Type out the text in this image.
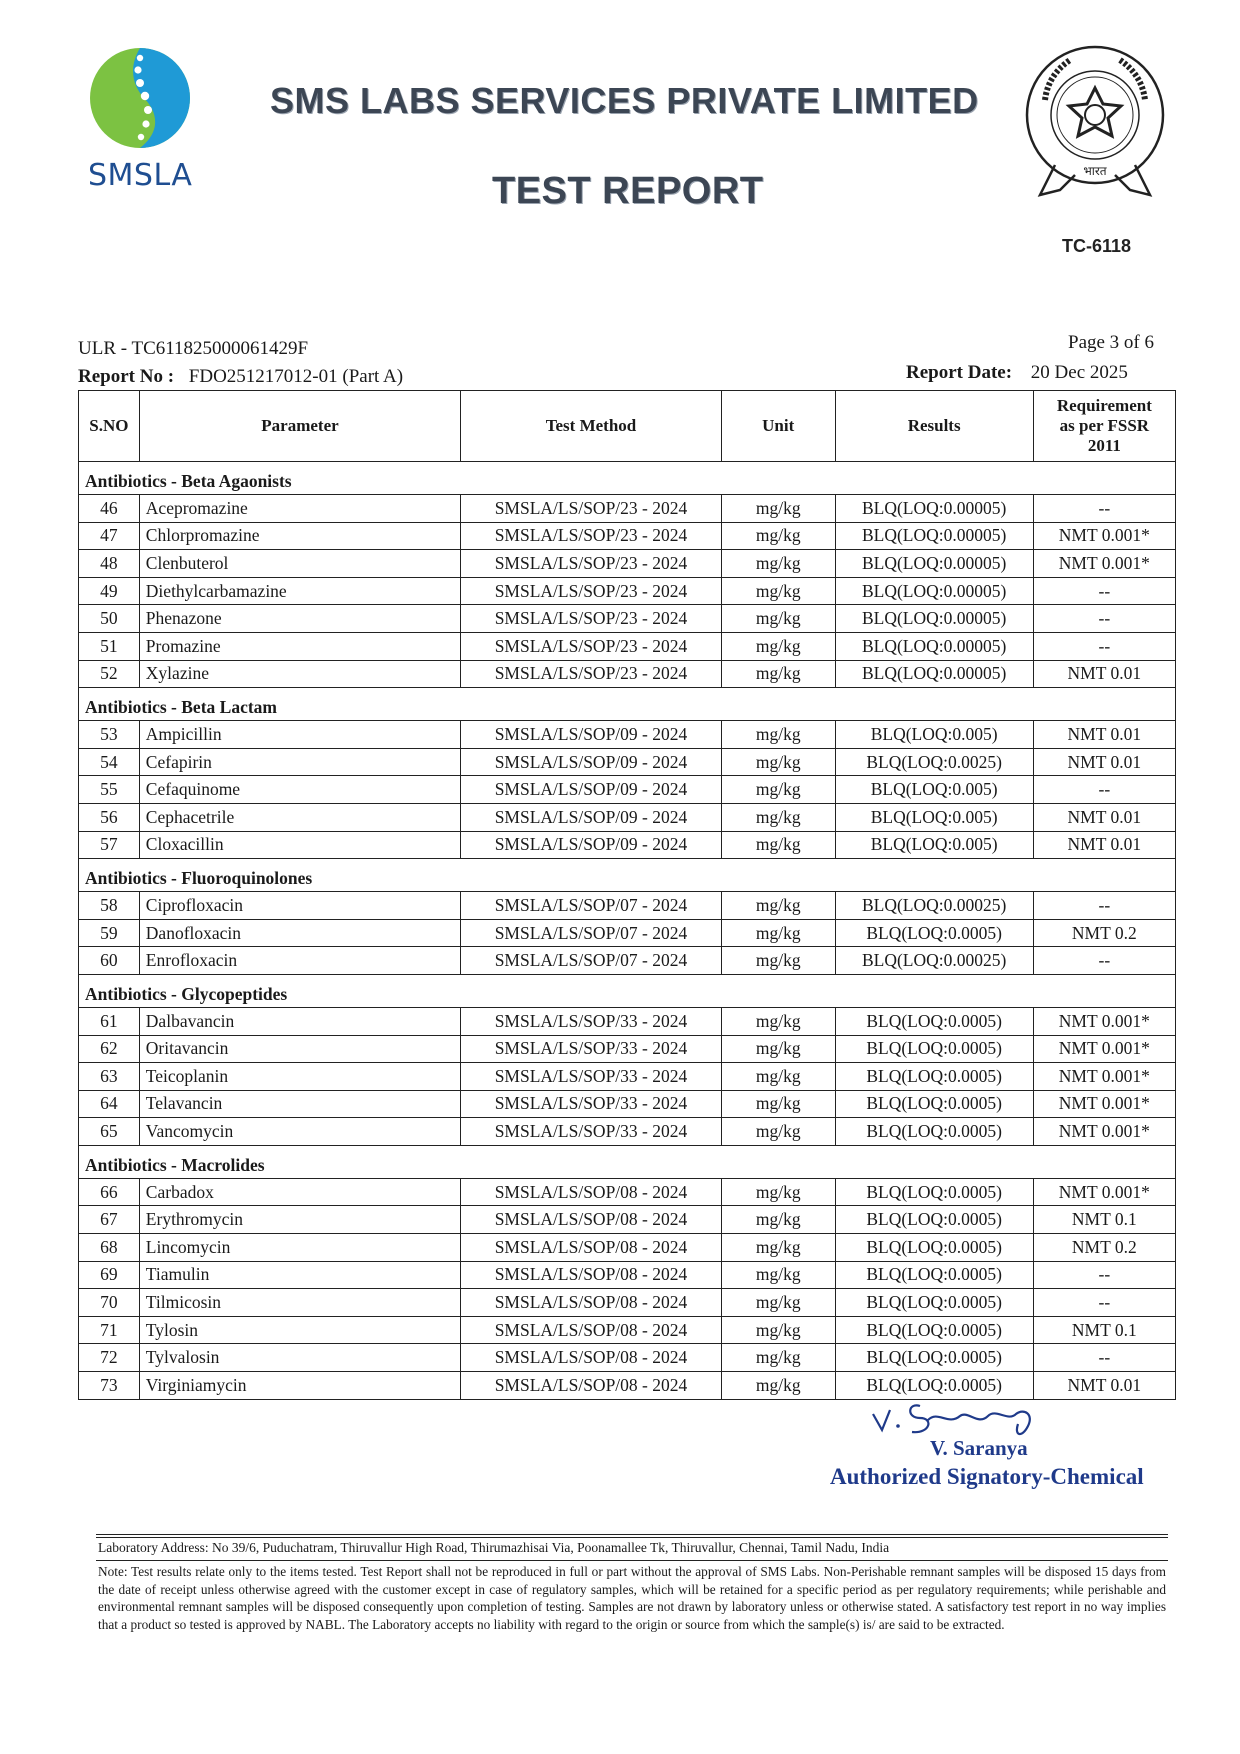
SMSLA
SMS LABS SERVICES PRIVATE LIMITED
TEST REPORT	भारत
TC-6118
ULR - TC611825000061429F	Page 3 of 6
Report No : FDO251217012-01 (Part A)	Report Date: 20 Dec 2025
S.NO	Parameter	Test Method	Unit	Results	Requirement
as per FSSR
2011

Antibiotics - Beta Agaonists					
46	Acepromazine	SMSLA/LS/SOP/23 - 2024	mg/kg	BLQ(LOQ:0.00005)	--
47	Chlorpromazine	SMSLA/LS/SOP/23 - 2024	mg/kg	BLQ(LOQ:0.00005)	NMT 0.001*
48	Clenbuterol	SMSLA/LS/SOP/23 - 2024	mg/kg	BLQ(LOQ:0.00005)	NMT 0.001*
49	Diethylcarbamazine	SMSLA/LS/SOP/23 - 2024	mg/kg	BLQ(LOQ:0.00005)	--
50	Phenazone	SMSLA/LS/SOP/23 - 2024	mg/kg	BLQ(LOQ:0.00005)	--
51	Promazine	SMSLA/LS/SOP/23 - 2024	mg/kg	BLQ(LOQ:0.00005)	--
52	Xylazine	SMSLA/LS/SOP/23 - 2024	mg/kg	BLQ(LOQ:0.00005)	NMT 0.01
Antibiotics - Beta Lactam					
53	Ampicillin	SMSLA/LS/SOP/09 - 2024	mg/kg	BLQ(LOQ:0.005)	NMT 0.01
54	Cefapirin	SMSLA/LS/SOP/09 - 2024	mg/kg	BLQ(LOQ:0.0025)	NMT 0.01
55	Cefaquinome	SMSLA/LS/SOP/09 - 2024	mg/kg	BLQ(LOQ:0.005)	--
56	Cephacetrile	SMSLA/LS/SOP/09 - 2024	mg/kg	BLQ(LOQ:0.005)	NMT 0.01
57	Cloxacillin	SMSLA/LS/SOP/09 - 2024	mg/kg	BLQ(LOQ:0.005)	NMT 0.01
Antibiotics - Fluoroquinolones					
58	Ciprofloxacin	SMSLA/LS/SOP/07 - 2024	mg/kg	BLQ(LOQ:0.00025)	--
59	Danofloxacin	SMSLA/LS/SOP/07 - 2024	mg/kg	BLQ(LOQ:0.0005)	NMT 0.2
60	Enrofloxacin	SMSLA/LS/SOP/07 - 2024	mg/kg	BLQ(LOQ:0.00025)	--
Antibiotics - Glycopeptides					
61	Dalbavancin	SMSLA/LS/SOP/33 - 2024	mg/kg	BLQ(LOQ:0.0005)	NMT 0.001*
62	Oritavancin	SMSLA/LS/SOP/33 - 2024	mg/kg	BLQ(LOQ:0.0005)	NMT 0.001*
63	Teicoplanin	SMSLA/LS/SOP/33 - 2024	mg/kg	BLQ(LOQ:0.0005)	NMT 0.001*
64	Telavancin	SMSLA/LS/SOP/33 - 2024	mg/kg	BLQ(LOQ:0.0005)	NMT 0.001*
65	Vancomycin	SMSLA/LS/SOP/33 - 2024	mg/kg	BLQ(LOQ:0.0005)	NMT 0.001*
Antibiotics - Macrolides					
66	Carbadox	SMSLA/LS/SOP/08 - 2024	mg/kg	BLQ(LOQ:0.0005)	NMT 0.001*
67	Erythromycin	SMSLA/LS/SOP/08 - 2024	mg/kg	BLQ(LOQ:0.0005)	NMT 0.1
68	Lincomycin	SMSLA/LS/SOP/08 - 2024	mg/kg	BLQ(LOQ:0.0005)	NMT 0.2
69	Tiamulin	SMSLA/LS/SOP/08 - 2024	mg/kg	BLQ(LOQ:0.0005)	--
70	Tilmicosin	SMSLA/LS/SOP/08 - 2024	mg/kg	BLQ(LOQ:0.0005)	--
71	Tylosin	SMSLA/LS/SOP/08 - 2024	mg/kg	BLQ(LOQ:0.0005)	NMT 0.1
72	Tylvalosin	SMSLA/LS/SOP/08 - 2024	mg/kg	BLQ(LOQ:0.0005)	--
73	Virginiamycin	SMSLA/LS/SOP/08 - 2024	mg/kg	BLQ(LOQ:0.0005)	NMT 0.01
V. Saranya
Authorized Signatory-Chemical
Laboratory Address: No 39/6, Puduchatram, Thiruvallur High Road, Thirumazhisai Via, Poonamallee Tk, Thiruvallur, Chennai, Tamil Nadu, India
Note: Test results relate only to the items tested. Test Report shall not be reproduced in full or part without the approval of SMS Labs. Non-Perishable remnant samples will be disposed 15 days from the date of receipt unless otherwise agreed with the customer except in case of regulatory samples, which will be retained for a specific period as per regulatory requirements; while perishable and environmental remnant samples will be disposed consequently upon completion of testing. Samples are not drawn by laboratory unless or otherwise stated. A satisfactory test report in no way implies that a product so tested is approved by NABL. The Laboratory accepts no liability with regard to the origin or source from which the sample(s) is/ are said to be extracted.
